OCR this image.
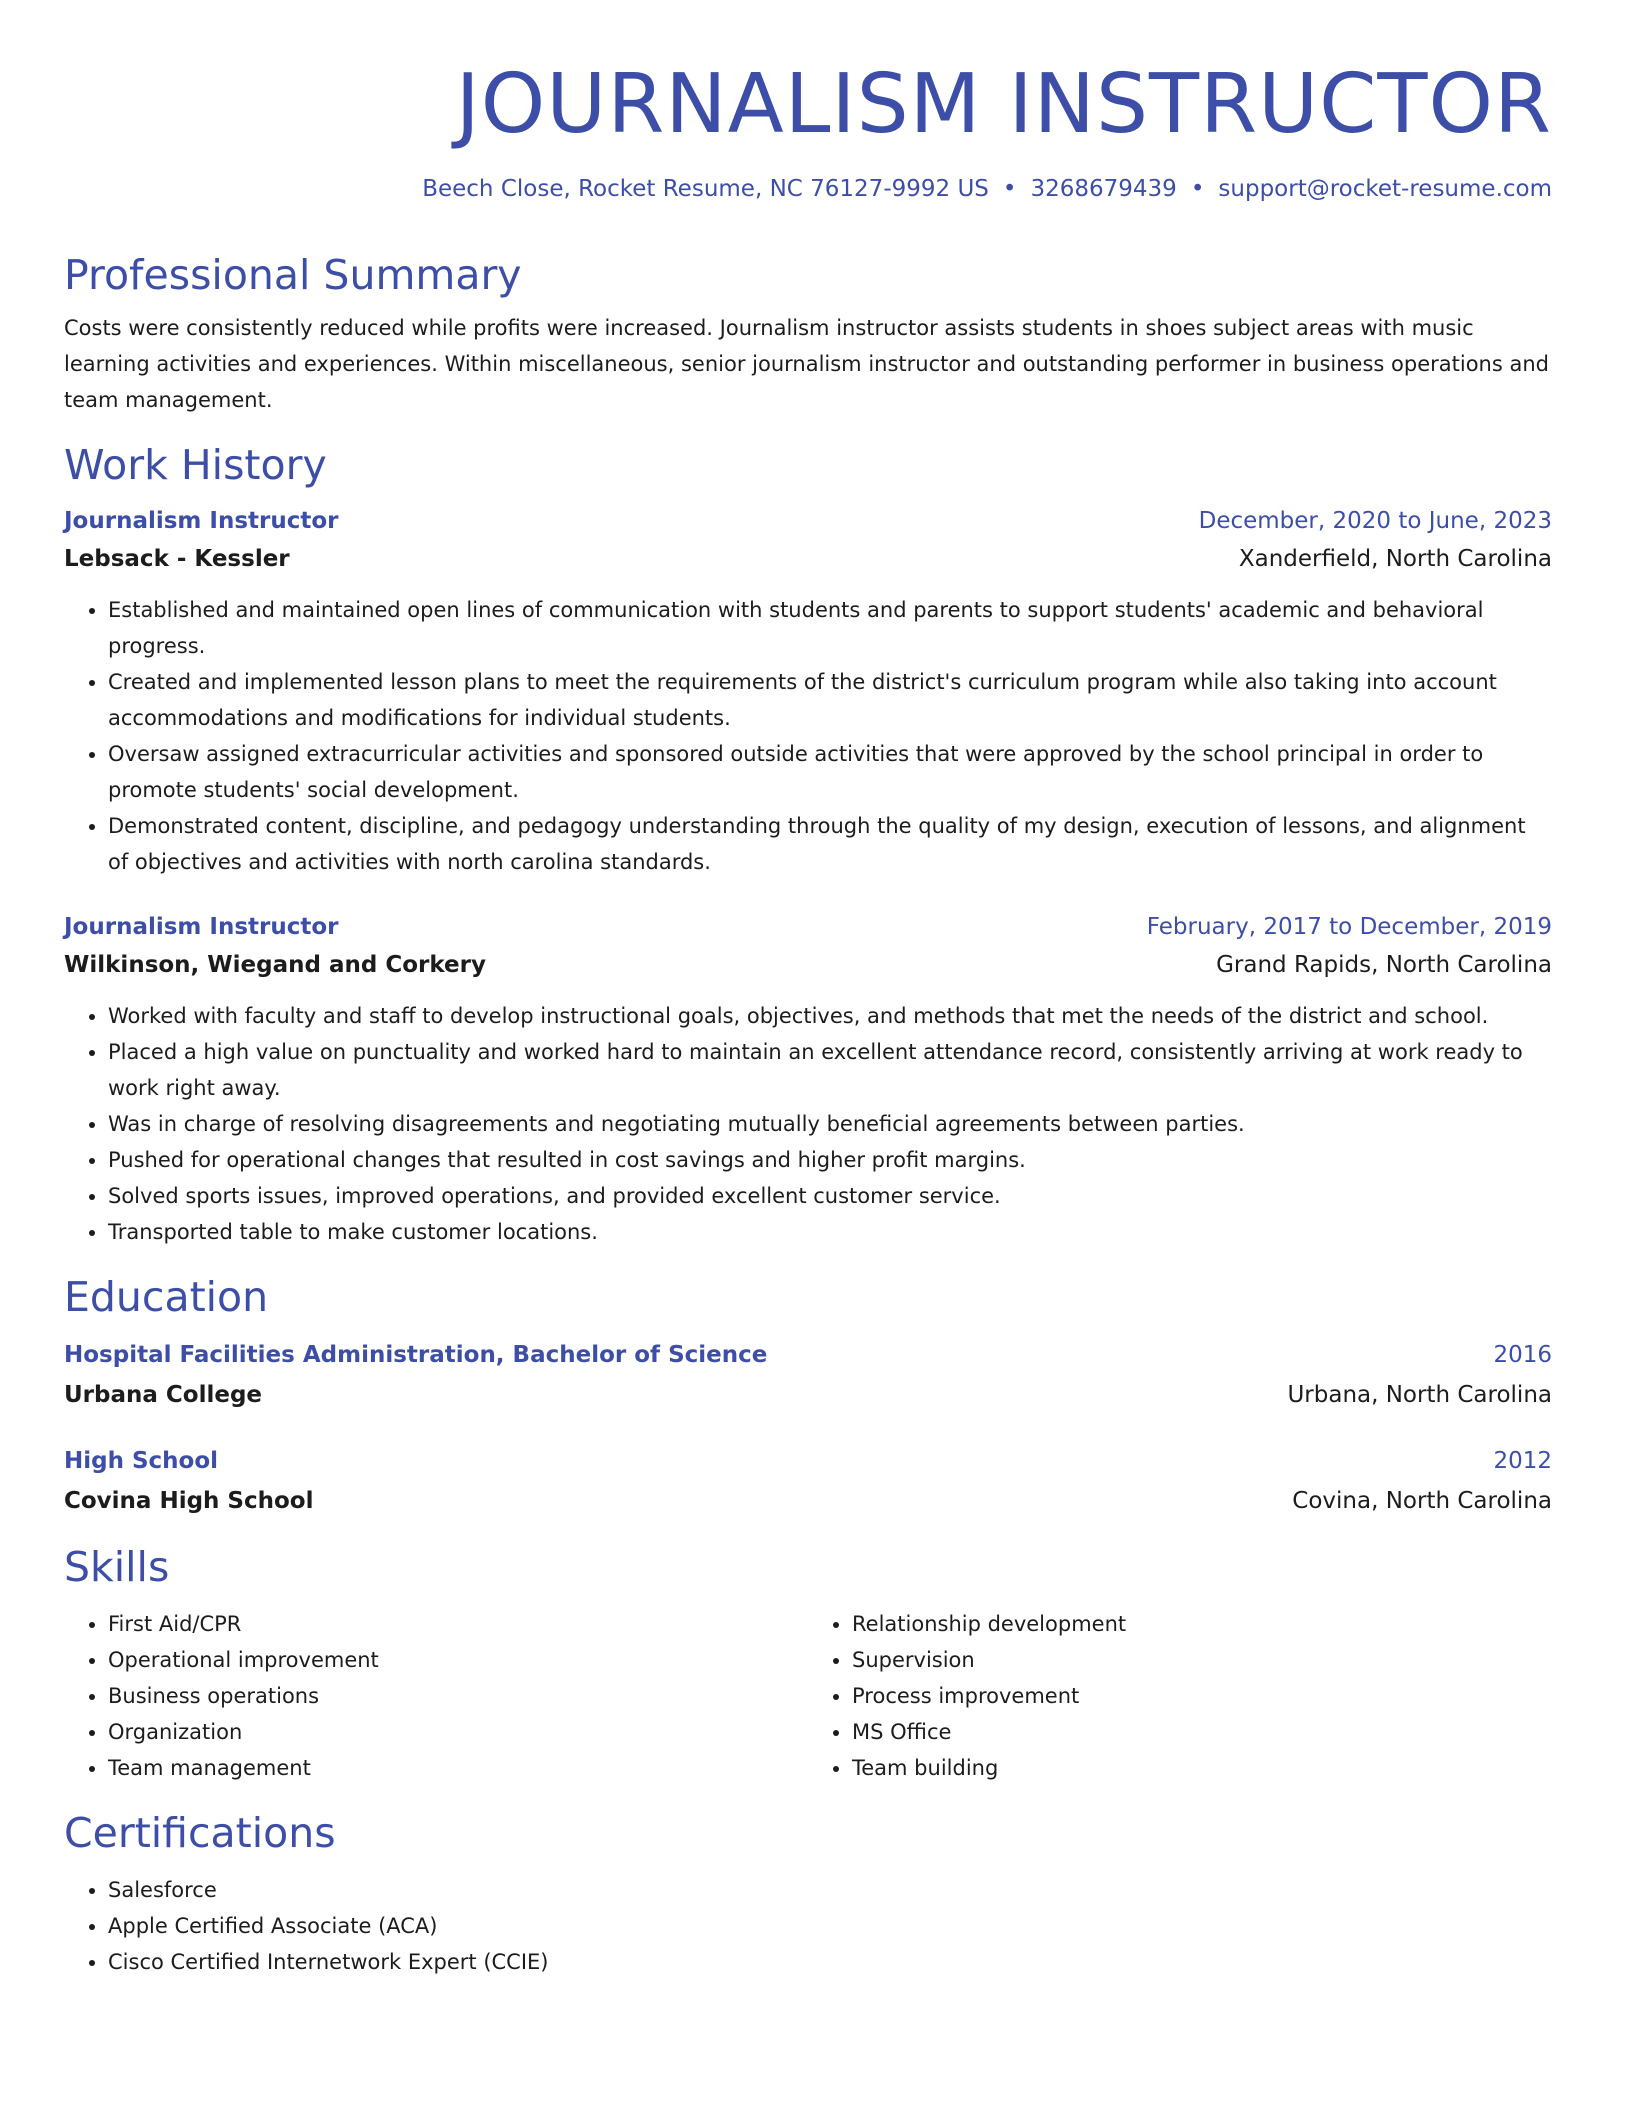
JOURNALISM INSTRUCTOR
Beech Close, Rocket Resume, NC 76127-9992 US • 3268679439 • support@rocket-resume.com
Professional Summary
Costs were consistently reduced while profits were increased. Journalism instructor assists students in shoes subject areas with music learning activities and experiences. Within miscellaneous, senior journalism instructor and outstanding performer in business operations and team management.
Work History
Journalism Instructor	December, 2020 to June, 2023
Lebsack - Kessler	Xanderfield, North Carolina
• Established and maintained open lines of communication with students and parents to support students' academic and behavioral progress.
• Created and implemented lesson plans to meet the requirements of the district's curriculum program while also taking into account accommodations and modifications for individual students.
• Oversaw assigned extracurricular activities and sponsored outside activities that were approved by the school principal in order to promote students' social development.
• Demonstrated content, discipline, and pedagogy understanding through the quality of my design, execution of lessons, and alignment of objectives and activities with north carolina standards.
Journalism Instructor	February, 2017 to December, 2019
Wilkinson, Wiegand and Corkery	Grand Rapids, North Carolina
• Worked with faculty and staff to develop instructional goals, objectives, and methods that met the needs of the district and school.
• Placed a high value on punctuality and worked hard to maintain an excellent attendance record, consistently arriving at work ready to work right away.
• Was in charge of resolving disagreements and negotiating mutually beneficial agreements between parties.
• Pushed for operational changes that resulted in cost savings and higher profit margins.
• Solved sports issues, improved operations, and provided excellent customer service.
• Transported table to make customer locations.
Education
Hospital Facilities Administration, Bachelor of Science	2016
Urbana College	Urbana, North Carolina
High School	2012
Covina High School	Covina, North Carolina
Skills
• First Aid/CPR
• Operational improvement
• Business operations
• Organization
• Team management
• Relationship development
• Supervision
• Process improvement
• MS Office
• Team building
Certifications
• Salesforce
• Apple Certified Associate (ACA)
• Cisco Certified Internetwork Expert (CCIE)
